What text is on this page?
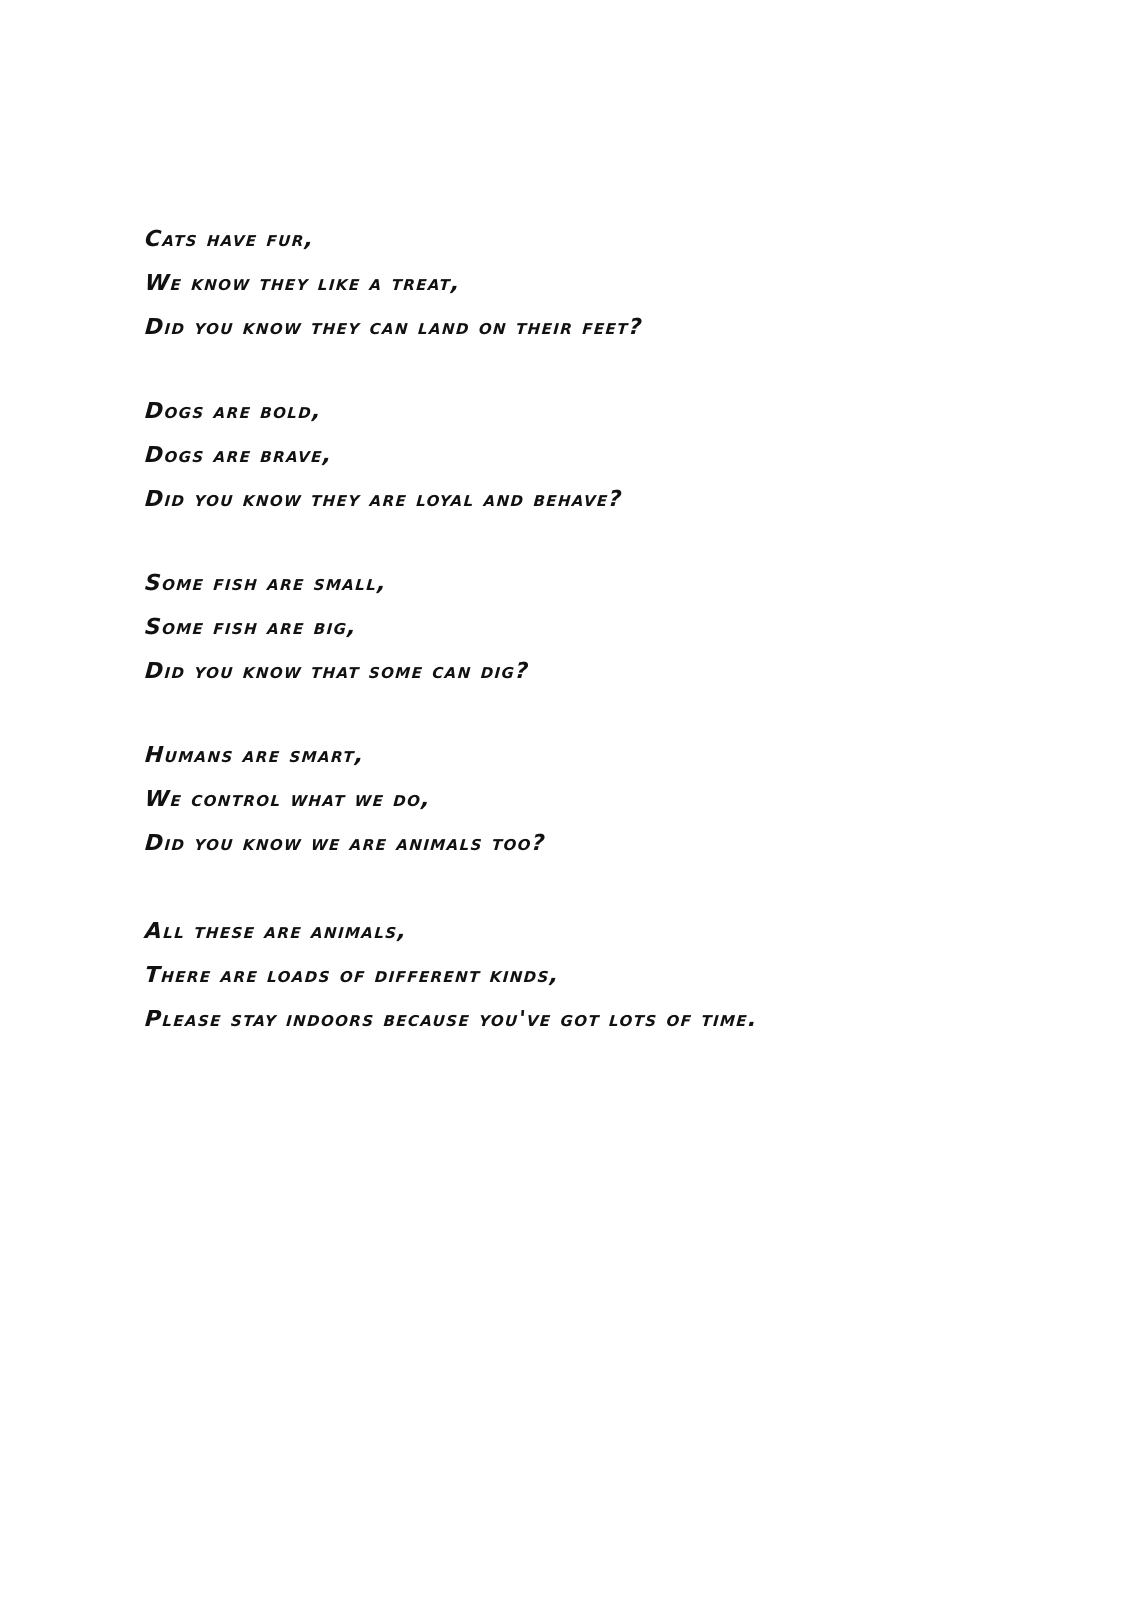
Cats have fur,
We know they like a treat,
Did you know they can land on their feet?
Dogs are bold,
Dogs are brave,
Did you know they are loyal and behave?
Some fish are small,
Some fish are big,
Did you know that some can dig?
Humans are smart,
We control what we do,
Did you know we are animals too?
All these are animals,
There are loads of different kinds,
Please stay indoors because you've got lots of time.
